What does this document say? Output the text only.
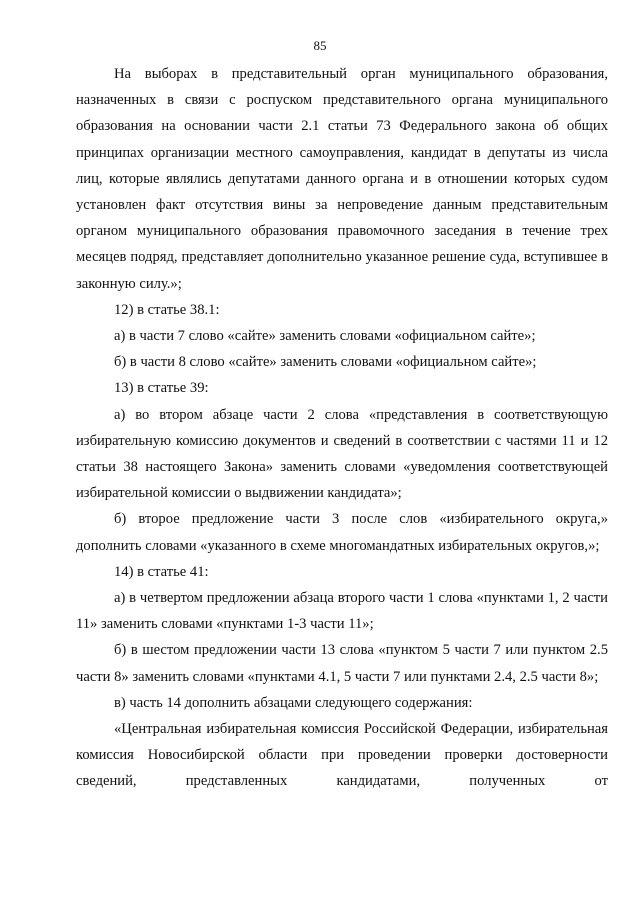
85

На выборах в представительный орган муниципального образования, назначенных в связи с роспуском представительного органа муниципального образования на основании части 2.1 статьи 73 Федерального закона об общих принципах организации местного самоуправления, кандидат в депутаты из числа лиц, которые являлись депутатами данного органа и в отношении которых судом установлен факт отсутствия вины за непроведение данным представительным органом муниципального образования правомочного заседания в течение трех месяцев подряд, представляет дополнительно указанное решение суда, вступившее в законную силу.»;

12) в статье 38.1:

а) в части 7 слово «сайте» заменить словами «официальном сайте»;

б) в части 8 слово «сайте» заменить словами «официальном сайте»;

13) в статье 39:

а) во втором абзаце части 2 слова «представления в соответствующую избирательную комиссию документов и сведений в соответствии с частями 11 и 12 статьи 38 настоящего Закона» заменить словами «уведомления соответствующей избирательной комиссии о выдвижении кандидата»;

б) второе предложение части 3 после слов «избирательного округа,» дополнить словами «указанного в схеме многомандатных избирательных округов,»;

14) в статье 41:

а) в четвертом предложении абзаца второго части 1 слова «пунктами 1, 2 части 11» заменить словами «пунктами 1-3 части 11»;

б) в шестом предложении части 13 слова «пунктом 5 части 7 или пунктом 2.5 части 8» заменить словами «пунктами 4.1, 5 части 7 или пунктами 2.4, 2.5 части 8»;

в) часть 14 дополнить абзацами следующего содержания:

«Центральная избирательная комиссия Российской Федерации, избирательная комиссия Новосибирской области при проведении проверки достоверности сведений, представленных кандидатами, полученных от
